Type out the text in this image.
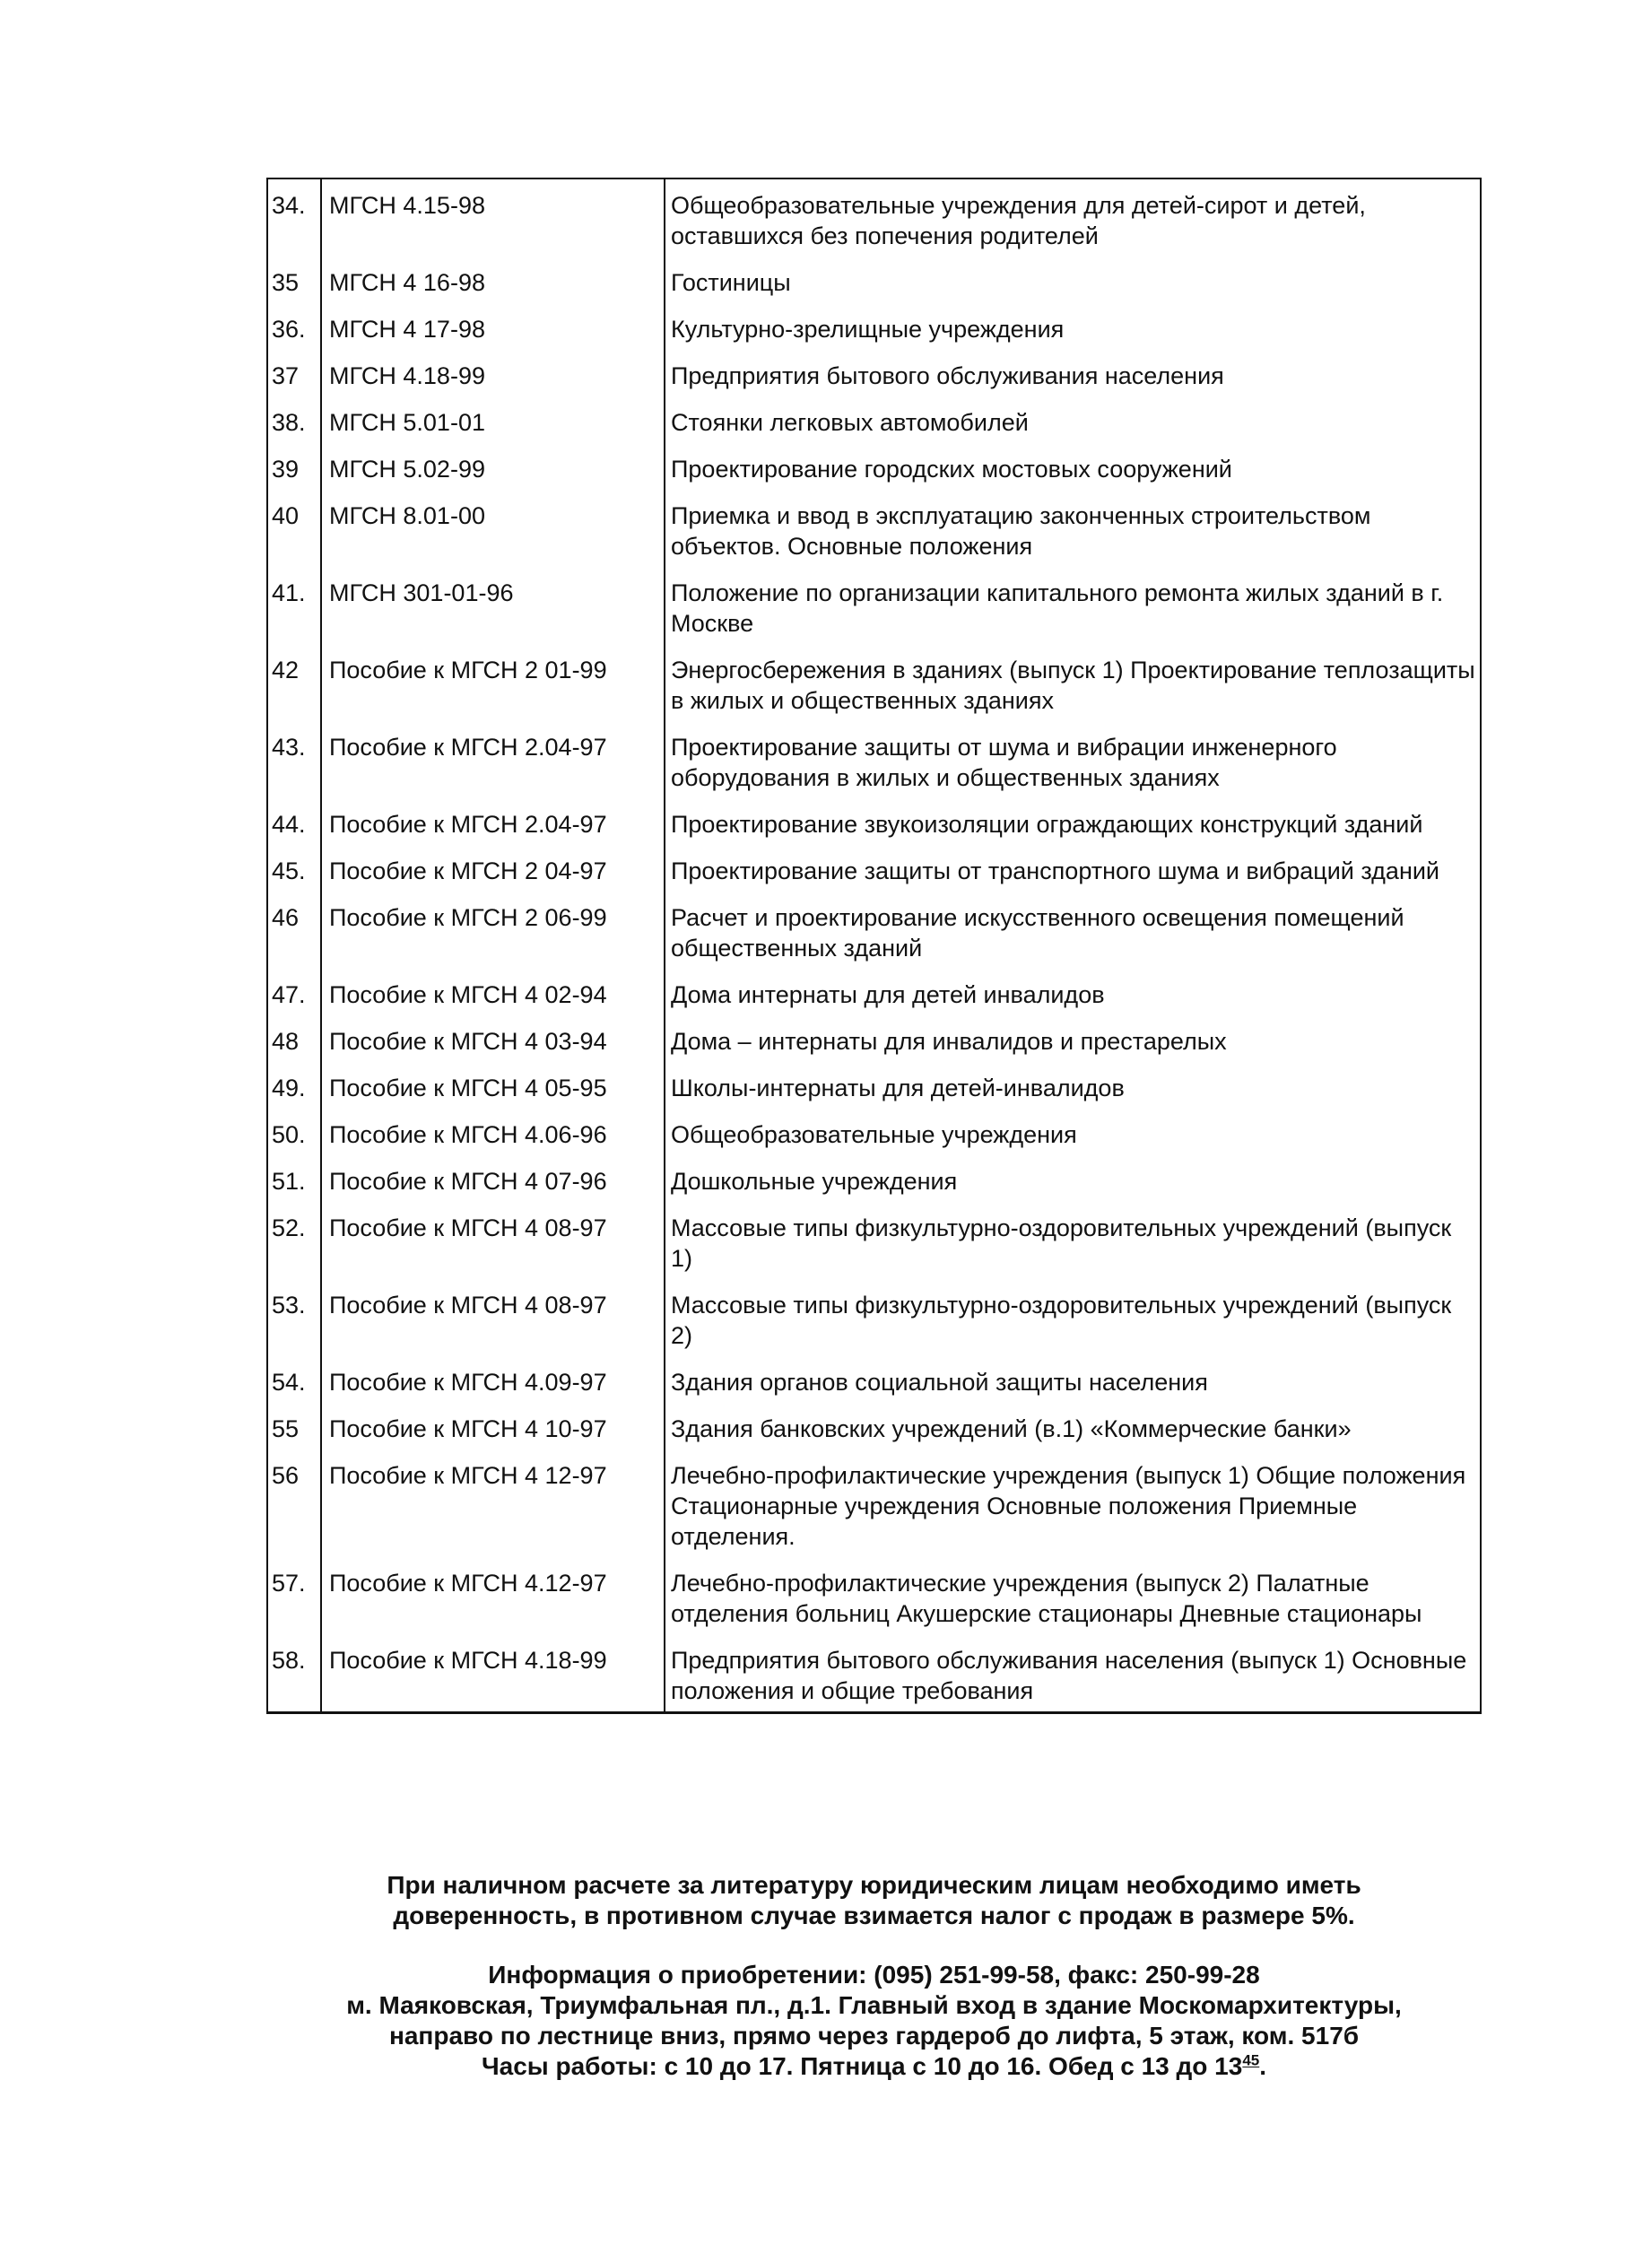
34.	МГСН 4.15-98	Общеобразовательные учреждения для детей-сирот и детей, оставшихся без попечения родителей
35	МГСН 4 16-98	Гостиницы
36.	МГСН 4 17-98	Культурно-зрелищные учреждения
37	МГСН 4.18-99	Предприятия бытового обслуживания населения
38.	МГСН 5.01-01	Стоянки легковых автомобилей
39	МГСН 5.02-99	Проектирование городских мостовых сооружений
40	МГСН 8.01-00	Приемка и ввод в эксплуатацию законченных строительством объектов. Основные положения
41.	МГСН 301-01-96	Положение по организации капитального ремонта жилых зданий в г. Москве
42	Пособие к МГСН 2 01-99	Энергосбережения в зданиях (выпуск 1) Проектирование теплозащиты в жилых и общественных зданиях
43.	Пособие к МГСН 2.04-97	Проектирование защиты от шума и вибрации инженерного оборудования в жилых и общественных зданиях
44.	Пособие к МГСН 2.04-97	Проектирование звукоизоляции ограждающих конструкций зданий
45.	Пособие к МГСН 2 04-97	Проектирование защиты от транспортного шума и вибраций зданий
46	Пособие к МГСН 2 06-99	Расчет и проектирование искусственного освещения помещений общественных зданий
47.	Пособие к МГСН 4 02-94	Дома интернаты для детей инвалидов
48	Пособие к МГСН 4 03-94	Дома – интернаты для инвалидов и престарелых
49.	Пособие к МГСН 4 05-95	Школы-интернаты для детей-инвалидов
50.	Пособие к МГСН 4.06-96	Общеобразовательные учреждения
51.	Пособие к МГСН 4 07-96	Дошкольные учреждения
52.	Пособие к МГСН 4 08-97	Массовые типы физкультурно-оздоровительных учреждений (выпуск 1)
53.	Пособие к МГСН 4 08-97	Массовые типы физкультурно-оздоровительных учреждений (выпуск 2)
54.	Пособие к МГСН 4.09-97	Здания органов социальной защиты населения
55	Пособие к МГСН 4 10-97	Здания банковских учреждений (в.1) «Коммерческие банки»
56	Пособие к МГСН 4 12-97	Лечебно-профилактические учреждения (выпуск 1) Общие положения Стационарные учреждения Основные положения Приемные отделения.
57.	Пособие к МГСН 4.12-97	Лечебно-профилактические учреждения (выпуск 2) Палатные отделения больниц Акушерские стационары Дневные стационары
58.	Пособие к МГСН 4.18-99	Предприятия бытового обслуживания населения (выпуск 1) Основные положения и общие требования

При наличном расчете за литературу юридическим лицам необходимо иметь

доверенность, в противном случае взимается налог с продаж в размере 5%.

Информация о приобретении: (095) 251-99-58, факс: 250-99-28

м. Маяковская, Триумфальная пл., д.1. Главный вход в здание Москомархитектуры,

направо по лестнице вниз, прямо через гардероб до лифта, 5 этаж, ком. 517б

Часы работы: с 10 до 17. Пятница с 10 до 16. Обед с 13 до $13^{45}$.
